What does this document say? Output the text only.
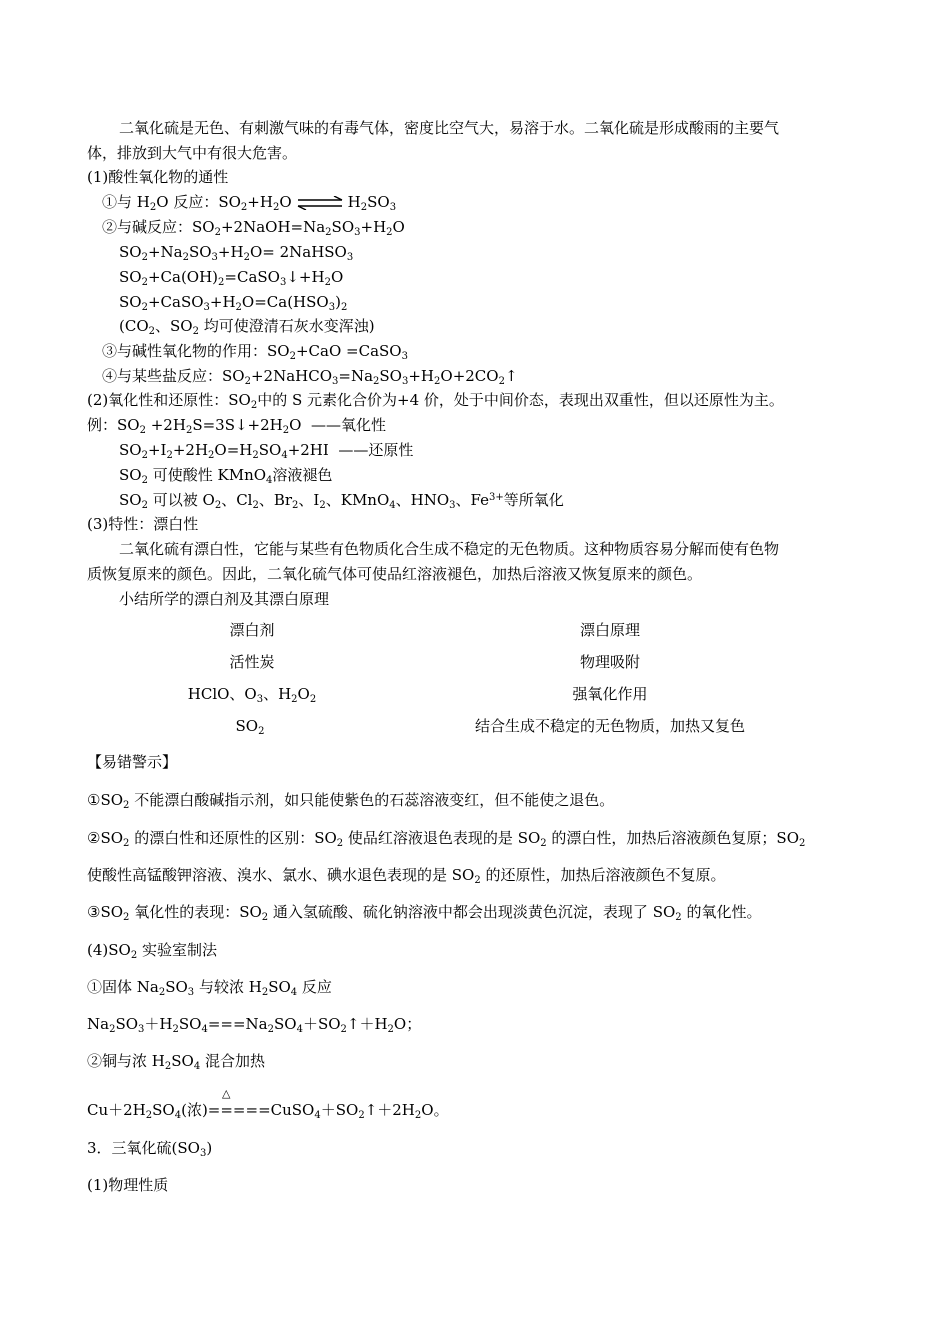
二氧化硫是无色、有刺激气味的有毒气体，密度比空气大，易溶于水。二氧化硫是形成酸雨的主要气
体，排放到大气中有很大危害。
(1)酸性氧化物的通性
①与 $H_2O$ 反应：$SO_2+H_2O$ ⇌ $H_2SO_3$
②与碱反应：$SO_2+2NaOH=Na_2SO_3+H_2O$
$SO_2+Na_2SO_3+H_2O=$ 2NaHSO$_3$
$SO_2+Ca(OH)_2=CaSO_3↓+H_2O$
$SO_2+CaSO_3+H_2O=Ca(HSO_3)_2$
($CO_2$、$SO_2$ 均可使澄清石灰水变浑浊)
③与碱性氧化物的作用：$SO_2+CaO$ =CaSO$_3$
④与某些盐反应：$SO_2+2NaHCO_3=Na_2SO_3+H_2O+2CO_2↑$
(2)氧化性和还原性：$SO_2$中的 S 元素化合价为+4 价，处于中间价态，表现出双重性，但以还原性为主。
例：$SO_2$ $+2H_2S=3S↓+2H_2O$  ——氧化性
$SO_2+I_2+2H_2O=H_2SO_4+2HI$  ——还原性
$SO_2$ 可使酸性 KMnO$_4$溶液褪色
$SO_2$ 可以被 $O_2$、$Cl_2$、$Br_2$、$I_2$、KMnO$_4$、$HNO_3$、$Fe^{3+}$等所氧化
(3)特性：漂白性
二氧化硫有漂白性，它能与某些有色物质化合生成不稳定的无色物质。这种物质容易分解而使有色物
质恢复原来的颜色。因此，二氧化硫气体可使品红溶液褪色，加热后溶液又恢复原来的颜色。
小结所学的漂白剂及其漂白原理
漂白剂	漂白原理
活性炭	物理吸附
HClO、$O_3$、$H_2O_2$	强氧化作用
$SO_2$	结合生成不稳定的无色物质，加热又复色
【易错警示】
$①SO_2$ 不能漂白酸碱指示剂，如只能使紫色的石蕊溶液变红，但不能使之退色。
$②SO_2$ 的漂白性和还原性的区别：$SO_2$ 使品红溶液退色表现的是 $SO_2$ 的漂白性，加热后溶液颜色复原；$SO_2$
使酸性高锰酸钾溶液、溴水、氯水、碘水退色表现的是 $SO_2$ 的还原性，加热后溶液颜色不复原。
$③SO_2$ 氧化性的表现：$SO_2$ 通入氢硫酸、硫化钠溶液中都会出现淡黄色沉淀，表现了 $SO_2$ 的氧化性。
$(4)SO_2$ 实验室制法
①固体 $Na_2SO_3$ 与较浓 $H_2SO_4$ 反应
$Na_2SO_3+H_2SO_4===Na_2SO_4+SO_2↑+H_2O$；
②铜与浓 $H_2SO_4$ 混合加热
△
$Cu+2H_2SO_4$(浓)$=====CuSO_4+SO_2↑+2H_2O$。
3．三氧化硫$(SO_3)$
(1)物理性质
